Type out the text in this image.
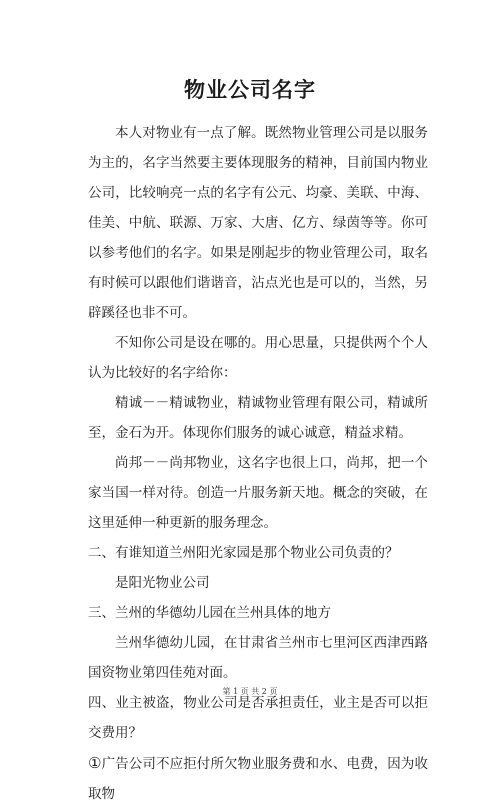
物业公司名字

本人对物业有一点了解。既然物业管理公司是以服务为主的，名字当然要主要体现服务的精神，目前国内物业公司，比较响亮一点的名字有公元、均豪、美联、中海、佳美、中航、联源、万家、大唐、亿方、绿茵等等。你可以参考他们的名字。如果是刚起步的物业管理公司，取名有时候可以跟他们谐谐音，沾点光也是可以的，当然，另辟蹊径也非不可。

不知你公司是设在哪的。用心思量，只提供两个个人认为比较好的名字给你：

精诚－－精诚物业，精诚物业管理有限公司，精诚所至，金石为开。体现你们服务的诚心诚意，精益求精。

尚邦－－尚邦物业，这名字也很上口，尚邦，把一个家当国一样对待。创造一片服务新天地。概念的突破，在这里延伸一种更新的服务理念。

二、有谁知道兰州阳光家园是那个物业公司负责的？

是阳光物业公司

三、兰州的华德幼儿园在兰州具体的地方

兰州华德幼儿园，在甘肃省兰州市七里河区西津西路国资物业第四佳苑对面。

四、业主被盗，物业公司是否承担责任，业主是否可以拒交费用？

①广告公司不应拒付所欠物业服务费和水、电费，因为收取物

第 1 页 共 2 页
